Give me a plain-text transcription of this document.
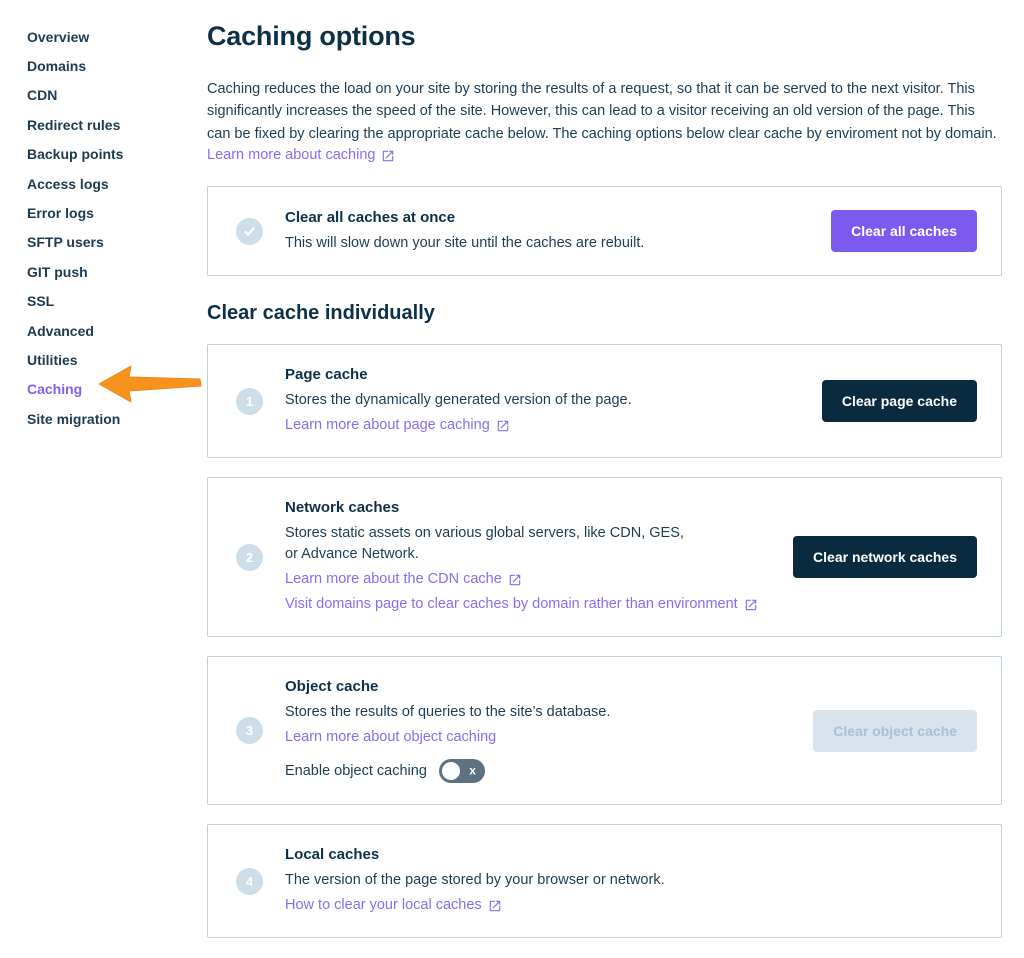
Overview
Domains
CDN
Redirect rules
Backup points
Access logs
Error logs
SFTP users
GIT push
SSL
Advanced
Utilities
Caching
Site migration
Caching options

Caching reduces the load on your site by storing the results of a request, so that it can be served to the next visitor. This significantly increases the speed of the site. However, this can lead to a visitor receiving an old version of the page. This can be fixed by clearing the appropriate cache below. The caching options below clear cache by enviroment not by domain.

Learn more about caching
Clear all caches at once

This will slow down your site until the caches are rebuilt.

Clear all caches
Clear cache individually
1
Page cache

Stores the dynamically generated version of the page.

Learn more about page caching
Clear page cache
2
Network caches

Stores static assets on various global servers, like CDN, GES,

or Advance Network.

Learn more about the CDN cache
Visit domains page to clear caches by domain rather than environment
Clear network caches
3
Object cache

Stores the results of queries to the site’s database.

Learn more about object caching
Enable object caching	x
Clear object cache
4
Local caches

The version of the page stored by your browser or network.

How to clear your local caches
